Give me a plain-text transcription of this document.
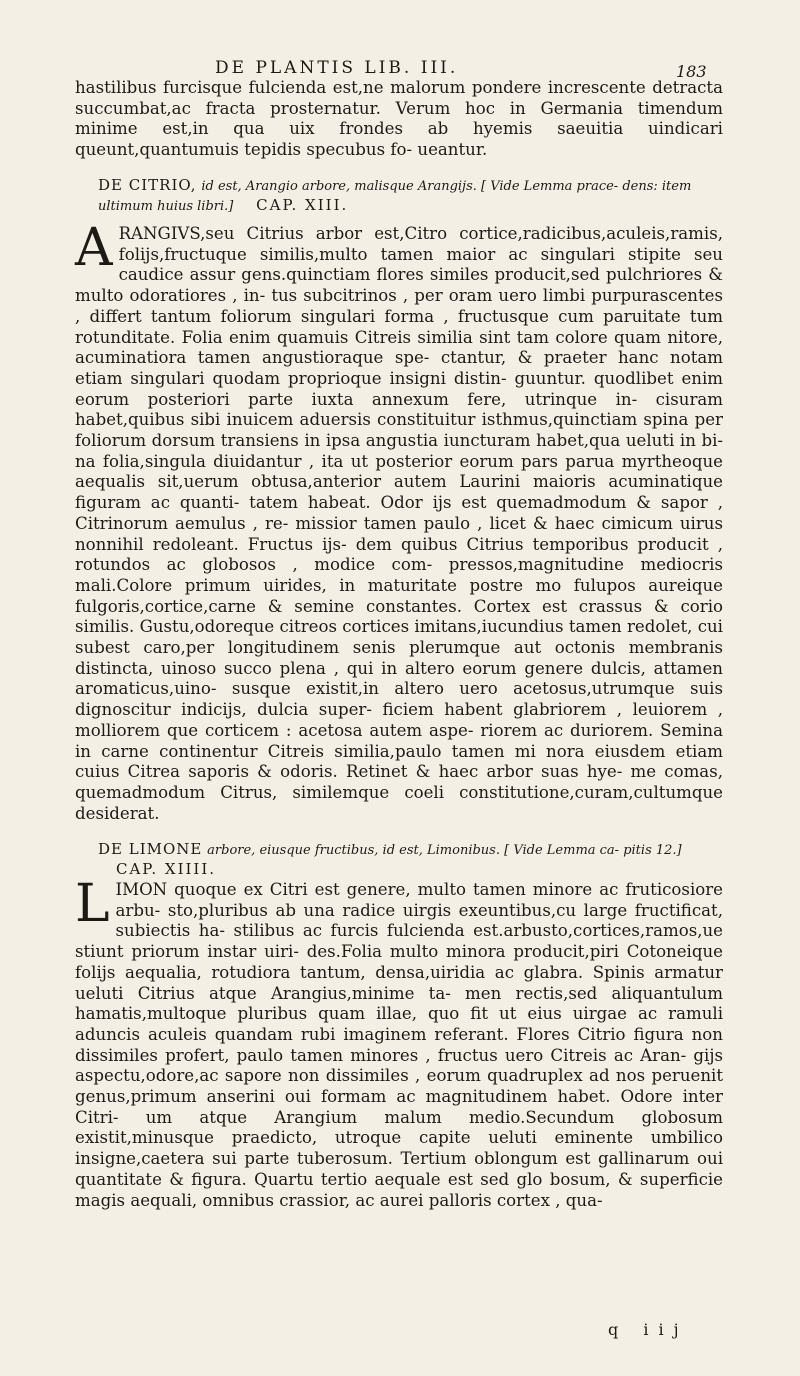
DE PLANTIS LIB. III.	183

hastilibus furcisque fulcienda est,ne malorum pondere increscente detracta succumbat,ac fracta prosternatur. Verum hoc in Germania timendum minime est,in qua uix frondes ab hyemis saeuitia uindicari queunt,quantumuis tepidis specubus fo- ueantur.

DE CITRIO, id est, Arangio arbore, malisque Arangijs. [ Vide Lemma prace- dens: item ultimum huius libri.] CAP. XIII.

A RANGIVS,seu Citrius arbor est,Citro cortice,radicibus,aculeis,ramis, folijs,fructuque similis,multo tamen maior ac singulari stipite seu caudice assur gens.quinctiam flores similes producit,sed pulchriores & multo odoratiores , in- tus subcitrinos , per oram uero limbi purpurascentes , differt tantum foliorum singulari forma , fructusque cum paruitate tum rotunditate. Folia enim quamuis Citreis similia sint tam colore quam nitore, acuminatiora tamen angustioraque spe- ctantur, & praeter hanc notam etiam singulari quodam proprioque insigni distin- guuntur. quodlibet enim eorum posteriori parte iuxta annexum fere, utrinque in- cisuram habet,quibus sibi inuicem aduersis constituitur isthmus,quinctiam spina per foliorum dorsum transiens in ipsa angustia iuncturam habet,qua ueluti in bi- na folia,singula diuidantur , ita ut posterior eorum pars parua myrtheoque aequalis sit,uerum obtusa,anterior autem Laurini maioris acuminatique figuram ac quanti- tatem habeat. Odor ijs est quemadmodum & sapor , Citrinorum aemulus , re- missior tamen paulo , licet & haec cimicum uirus nonnihil redoleant. Fructus ijs- dem quibus Citrius temporibus producit , rotundos ac globosos , modice com- pressos,magnitudine mediocris mali.Colore primum uirides, in maturitate postre mo fulupos aureique fulgoris,cortice,carne & semine constantes. Cortex est crassus & corio similis. Gustu,odoreque citreos cortices imitans,iucundius tamen redolet, cui subest caro,per longitudinem senis plerumque aut octonis membranis distincta, uinoso succo plena , qui in altero eorum genere dulcis, attamen aromaticus,uino- susque existit,in altero uero acetosus,utrumque suis dignoscitur indicijs, dulcia super- ficiem habent glabriorem , leuiorem , molliorem que corticem : acetosa autem aspe- riorem ac duriorem. Semina in carne continentur Citreis similia,paulo tamen mi nora eiusdem etiam cuius Citrea saporis & odoris. Retinet & haec arbor suas hye- me comas, quemadmodum Citrus, similemque coeli constitutione,curam,cultumque desiderat.

DE LIMONE arbore, eiusque fructibus, id est, Limonibus. [ Vide Lemma ca- pitis 12.] CAP. XIIII.

L IMON quoque ex Citri est genere, multo tamen minore ac fruticosiore arbu- sto,pluribus ab una radice uirgis exeuntibus,cu large fructificat, subiectis ha- stilibus ac furcis fulcienda est.arbusto,cortices,ramos,ue stiunt priorum instar uiri- des.Folia multo minora producit,piri Cotoneique folijs aequalia, rotudiora tantum, densa,uiridia ac glabra. Spinis armatur ueluti Citrius atque Arangius,minime ta- men rectis,sed aliquantulum hamatis,multoque pluribus quam illae, quo fit ut eius uirgae ac ramuli aduncis aculeis quandam rubi imaginem referant. Flores Citrio figura non dissimiles profert, paulo tamen minores , fructus uero Citreis ac Aran- gijs aspectu,odore,ac sapore non dissimiles , eorum quadruplex ad nos peruenit genus,primum anserini oui formam ac magnitudinem habet. Odore inter Citri- um atque Arangium malum medio.Secundum globosum existit,minusque praedicto, utroque capite ueluti eminente umbilico insigne,caetera sui parte tuberosum. Tertium oblongum est gallinarum oui quantitate & figura. Quartu tertio aequale est sed glo bosum, & superficie magis aequali, omnibus crassior, ac aurei palloris cortex , qua-
q iij
